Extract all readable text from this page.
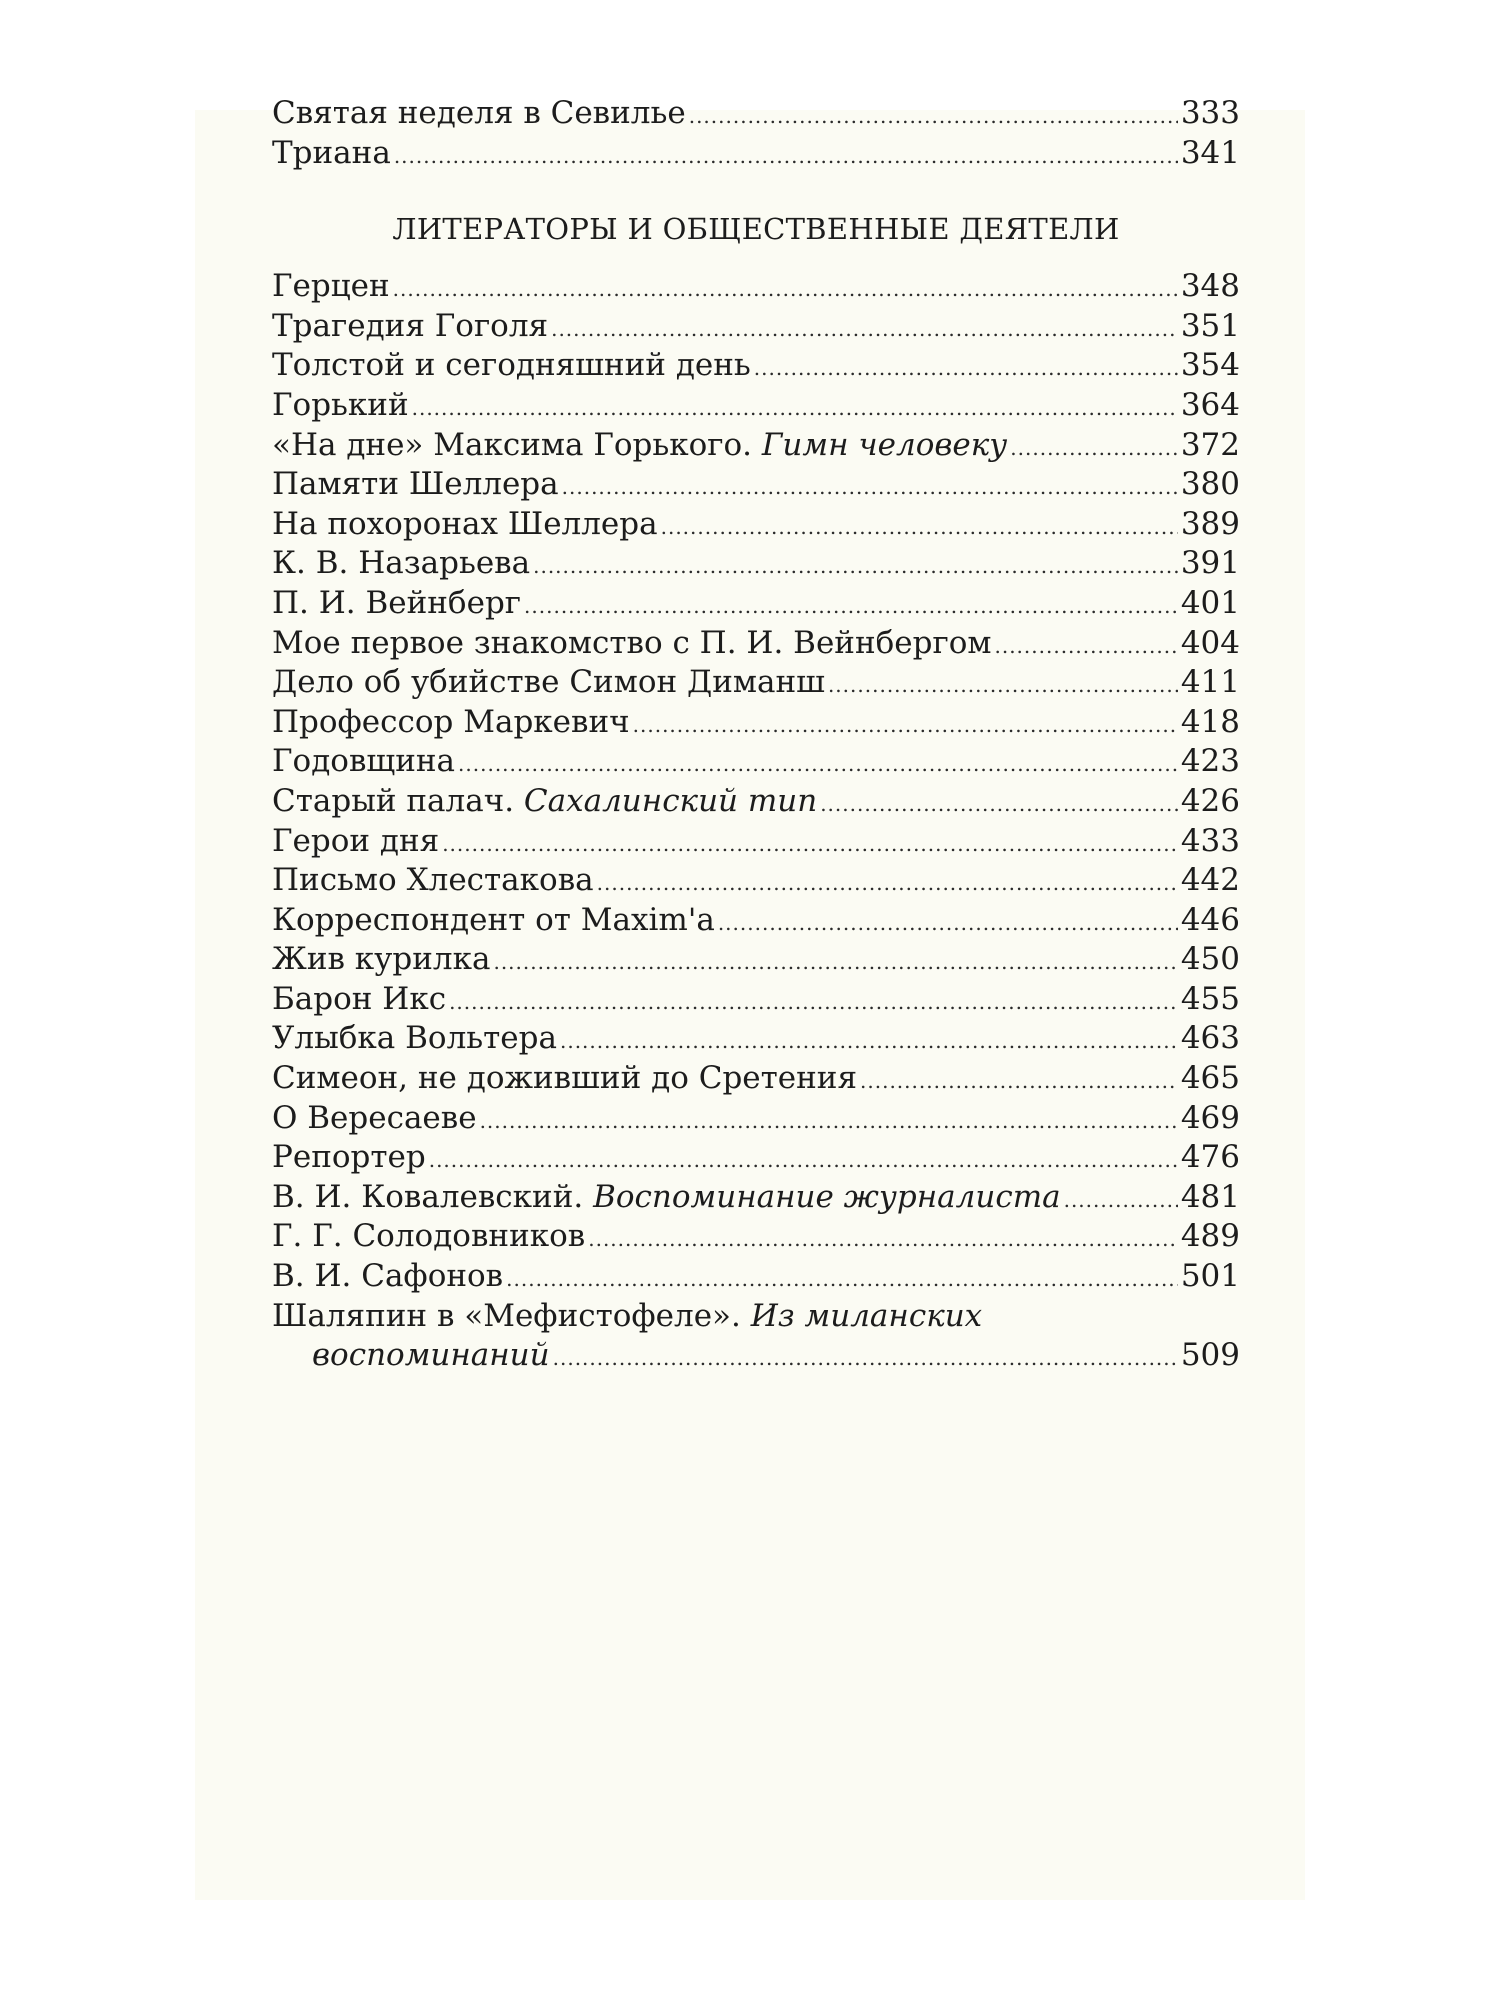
Святая неделя в Севилье .....	333
Триана .....	341
ЛИТЕРАТОРЫ И ОБЩЕСТВЕННЫЕ ДЕЯТЕЛИ
Герцен .....	348
Трагедия Гоголя .....	351
Толстой и сегодняшний день .....	354
Горький .....	364
«На дне» Максима Горького. Гимн человеку .....	372
Памяти Шеллера .....	380
На похоронах Шеллера .....	389
К. В. Назарьева .....	391
П. И. Вейнберг .....	401
Мое первое знакомство с П. И. Вейнбергом .....	404
Дело об убийстве Симон Диманш .....	411
Профессор Маркевич .....	418
Годовщина .....	423
Старый палач. Сахалинский тип .....	426
Герои дня .....	433
Письмо Хлестакова .....	442
Корреспондент от Maxim'a .....	446
Жив курилка .....	450
Барон Икс .....	455
Улыбка Вольтера .....	463
Симеон, не доживший до Сретения .....	465
О Вересаеве .....	469
Репортер .....	476
В. И. Ковалевский. Воспоминание журналиста .....	481
Г. Г. Солодовников .....	489
В. И. Сафонов .....	501
Шаляпин в «Мефистофеле». Из миланских
воспоминаний .....	509
